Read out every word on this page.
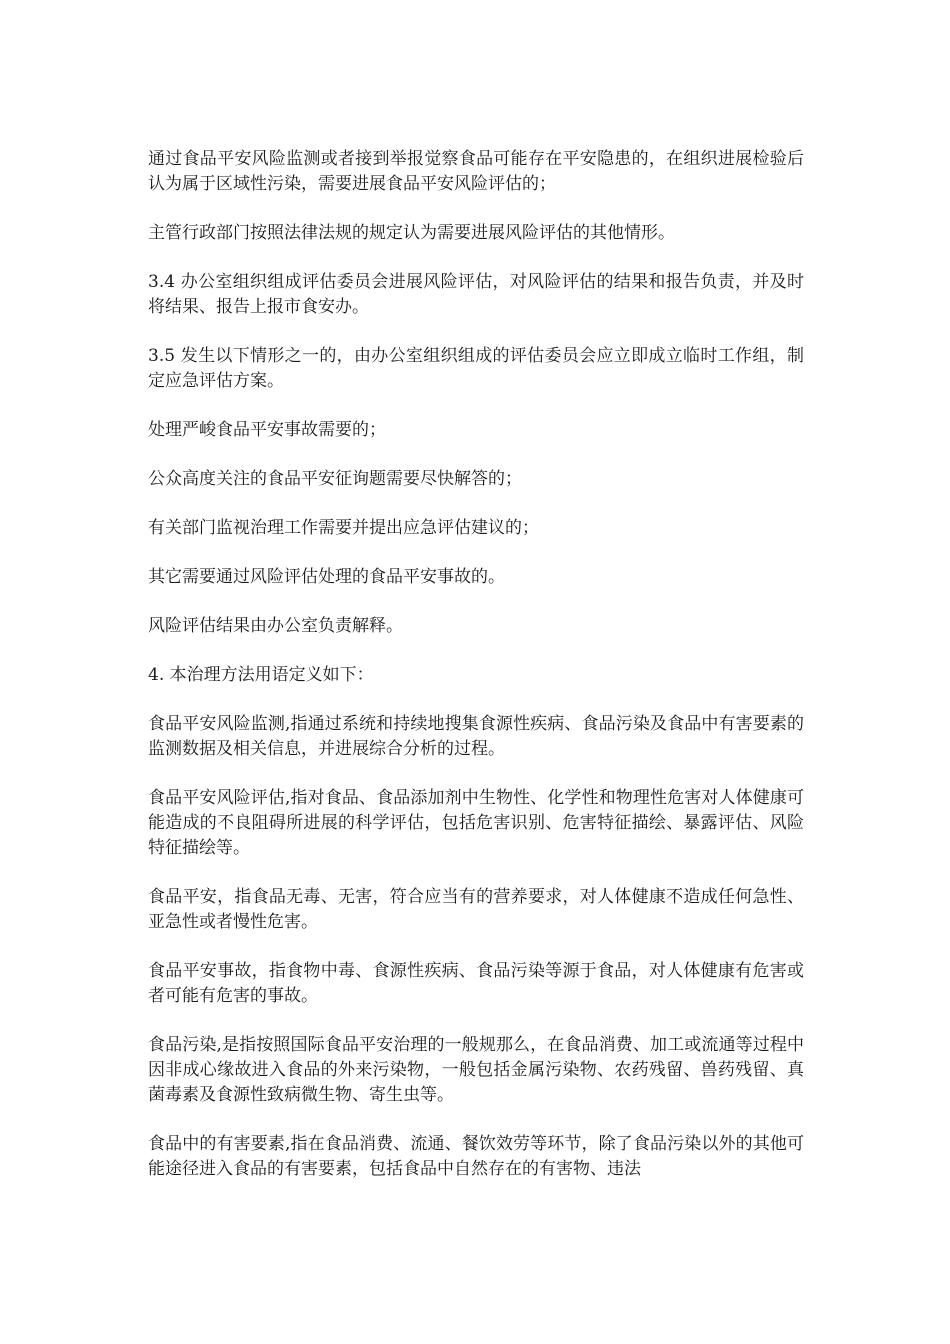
通过食品平安风险监测或者接到举报觉察食品可能存在平安隐患的，在组织进展检验后认为属于区域性污染，需要进展食品平安风险评估的；

主管行政部门按照法律法规的规定认为需要进展风险评估的其他情形。

3.4 办公室组织组成评估委员会进展风险评估，对风险评估的结果和报告负责，并及时将结果、报告上报市食安办。

3.5 发生以下情形之一的，由办公室组织组成的评估委员会应立即成立临时工作组，制定应急评估方案。

处理严峻食品平安事故需要的；

公众高度关注的食品平安征询题需要尽快解答的；

有关部门监视治理工作需要并提出应急评估建议的；

其它需要通过风险评估处理的食品平安事故的。

风险评估结果由办公室负责解释。

4. 本治理方法用语定义如下：

食品平安风险监测,指通过系统和持续地搜集食源性疾病、食品污染及食品中有害要素的监测数据及相关信息，并进展综合分析的过程。

食品平安风险评估,指对食品、食品添加剂中生物性、化学性和物理性危害对人体健康可能造成的不良阻碍所进展的科学评估，包括危害识别、危害特征描绘、暴露评估、风险特征描绘等。

食品平安，指食品无毒、无害，符合应当有的营养要求，对人体健康不造成任何急性、亚急性或者慢性危害。

食品平安事故，指食物中毒、食源性疾病、食品污染等源于食品，对人体健康有危害或者可能有危害的事故。

食品污染,是指按照国际食品平安治理的一般规那么，在食品消费、加工或流通等过程中因非成心缘故进入食品的外来污染物，一般包括金属污染物、农药残留、兽药残留、真菌毒素及食源性致病微生物、寄生虫等。

食品中的有害要素,指在食品消费、流通、餐饮效劳等环节，除了食品污染以外的其他可能途径进入食品的有害要素，包括食品中自然存在的有害物、违法
